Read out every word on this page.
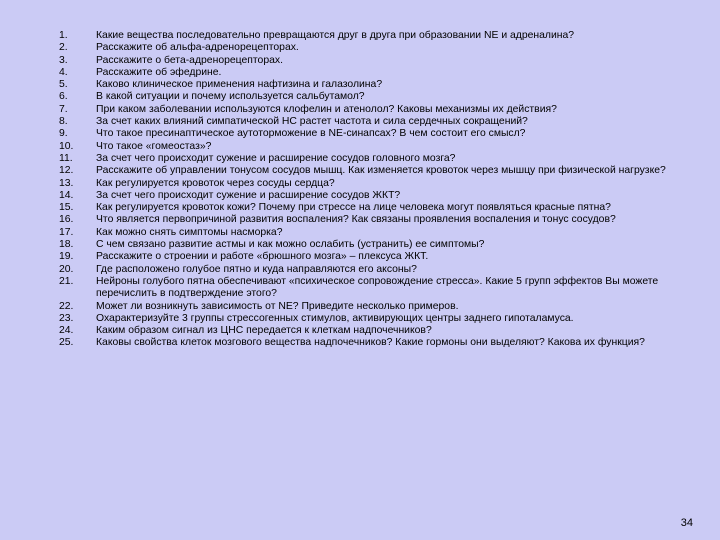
1.	Какие вещества последовательно превращаются друг в друга при образовании NE и адреналина?
2.	Расскажите об альфа-адренорецепторах.
3.	Расскажите о бета-адренорецепторах.
4.	Расскажите об эфедрине.
5.	Каково клиническое применения нафтизина и галазолина?
6.	В какой ситуации и почему используется сальбутамол?
7.	При каком заболевании используются клофелин и атенолол? Каковы механизмы их действия?
8.	За счет каких влияний симпатической НС растет частота и сила сердечных сокращений?
9.	Что такое пресинаптическое аутоторможение в NE-синапсах? В чем состоит его смысл?
10.	Что такое «гомеостаз»?
11.	За счет чего происходит сужение и расширение сосудов головного мозга?
12.	Расскажите об управлении тонусом сосудов мышц. Как изменяется кровоток через мышцу при физической нагрузке?
13.	Как регулируется кровоток через сосуды сердца?
14.	За счет чего происходит сужение и расширение сосудов ЖКТ?
15.	Как регулируется кровоток кожи? Почему при стрессе на лице человека могут появляться красные пятна?
16.	Что является первопричиной развития воспаления? Как связаны проявления воспаления и тонус сосудов?
17.	Как можно снять симптомы насморка?
18.	С чем связано развитие астмы и как можно ослабить (устранить) ее симптомы?
19.	Расскажите о строении и работе «брюшного мозга» – плексуса ЖКТ.
20.	Где расположено голубое пятно и куда направляются его аксоны?
21.	Нейроны голубого пятна обеспечивают «психическое сопровождение стресса». Какие 5 групп эффектов Вы можете перечислить в подтверждение этого?
22.	Может ли возникнуть зависимость от NE? Приведите несколько примеров.
23.	Охарактеризуйте 3 группы стрессогенных стимулов, активирующих центры заднего гипоталамуса.
24.	Каким образом сигнал из ЦНС передается к клеткам надпочечников?
25.	Каковы свойства клеток мозгового вещества надпочечников? Какие гормоны они выделяют? Какова их функция?
34
